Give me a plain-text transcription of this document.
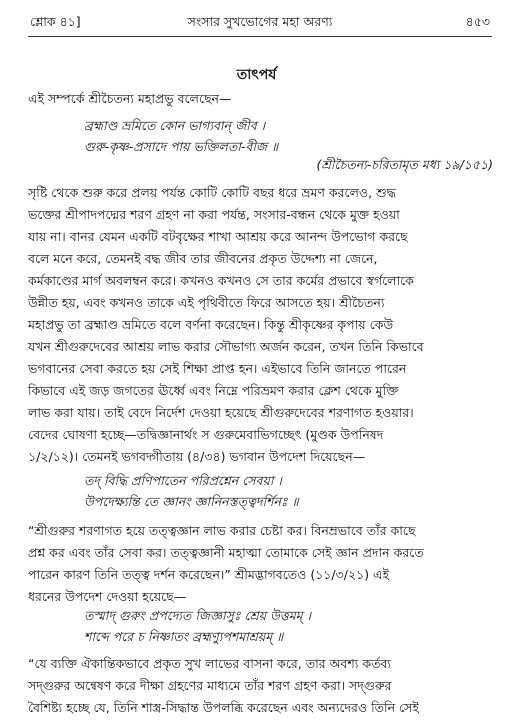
শ্লোক ৪১]	সংসার সুখভোগের মহা অরণ্য	৪৫৩
তাৎপর্য
এই সম্পর্কে শ্রীচৈতন্য মহাপ্রভু বলেছেন—
ব্রহ্মাণ্ড ভ্রমিতে কোন ভাগ্যবান্ জীব ।
গুরু-কৃষ্ণ-প্রসাদে পায় ভক্তিলতা-বীজ ॥
(শ্রীচৈতন্য-চরিতামৃত মধ্য ১৯/১৫১)
সৃষ্টি থেকে শুরু করে প্রলয় পর্যন্ত কোটি কোটি বছর ধরে ভ্রমণ করলেও, শুদ্ধ
ভক্তের শ্রীপাদপদ্মের শরণ গ্রহণ না করা পর্যন্ত, সংসার-বন্ধন থেকে মুক্ত হওয়া
যায় না। বানর যেমন একটি বটবৃক্ষের শাখা আশ্রয় করে আনন্দ উপভোগ করছে
বলে মনে করে, তেমনই বদ্ধ জীব তার জীবনের প্রকৃত উদ্দেশ্য না জেনে,
কর্মকাণ্ডের মার্গ অবলম্বন করে। কখনও কখনও সে তার কর্মের প্রভাবে স্বর্গলোকে
উন্নীত হয়, এবং কখনও তাকে এই পৃথিবীতে ফিরে আসতে হয়। শ্রীচৈতন্য
মহাপ্রভু তা ব্রহ্মাণ্ড ভ্রমিতে বলে বর্ণনা করেছেন। কিন্তু শ্রীকৃষ্ণের কৃপায় কেউ
যখন শ্রীগুরুদেবের আশ্রয় লাভ করার সৌভাগ্য অর্জন করেন, তখন তিনি কিভাবে
ভগবানের সেবা করতে হয় সেই শিক্ষা প্রাপ্ত হন। এইভাবে তিনি জানতে পারেন
কিভাবে এই জড় জগতের ঊর্ধ্বে এবং নিম্নে পরিভ্রমণ করার ক্লেশ থেকে মুক্তি
লাভ করা যায়। তাই বেদে নির্দেশ দেওয়া হয়েছে শ্রীগুরুদেবের শরণাগত হওয়ার।
বেদের ঘোষণা হচ্ছে—তদ্বিজ্ঞানার্থং স গুরুমেবাভিগচ্ছেৎ (মুণ্ডক উপনিষদ
১/২/১২)। তেমনই ভগবদ্গীতায় (৪/৩৪) ভগবান উপদেশ দিয়েছেন—
তদ্ বিদ্ধি প্রণিপাতেন পরিপ্রশ্নেন সেবয়া ।
উপদেক্ষ্যন্তি তে জ্ঞানং জ্ঞানিনস্তত্ত্বদর্শিনঃ ॥
“শ্রীগুরুর শরণাগত হয়ে তত্ত্বজ্ঞান লাভ করার চেষ্টা কর। বিনম্রভাবে তাঁর কাছে
প্রশ্ন কর এবং তাঁর সেবা কর। তত্ত্বজ্ঞানী মহাত্মা তোমাকে সেই জ্ঞান প্রদান করতে
পারেন কারণ তিনি তত্ত্ব দর্শন করেছেন।” শ্রীমদ্ভাগবতেও (১১/৩/২১) এই
ধরনের উপদেশ দেওয়া হয়েছে—
তস্মাদ্ গুরুং প্রপদ্যেত জিজ্ঞাসুঃ শ্রেয় উত্তমম্ ।
শাব্দে পরে চ নিষ্ণাতং ব্রহ্মণ্যুপশমাশ্রয়ম্ ॥
“যে ব্যক্তি ঐকান্তিকভাবে প্রকৃত সুখ লাভের বাসনা করে, তার অবশ্য কর্তব্য
সদ্গুরুর অন্বেষণ করে দীক্ষা গ্রহণের মাধ্যমে তাঁর শরণ গ্রহণ করা। সদ্গুরুর
বৈশিষ্ট্য হচ্ছে যে, তিনি শাস্ত্র-সিদ্ধান্ত উপলব্ধি করেছেন এবং অন্যদেরও তিনি সেই
